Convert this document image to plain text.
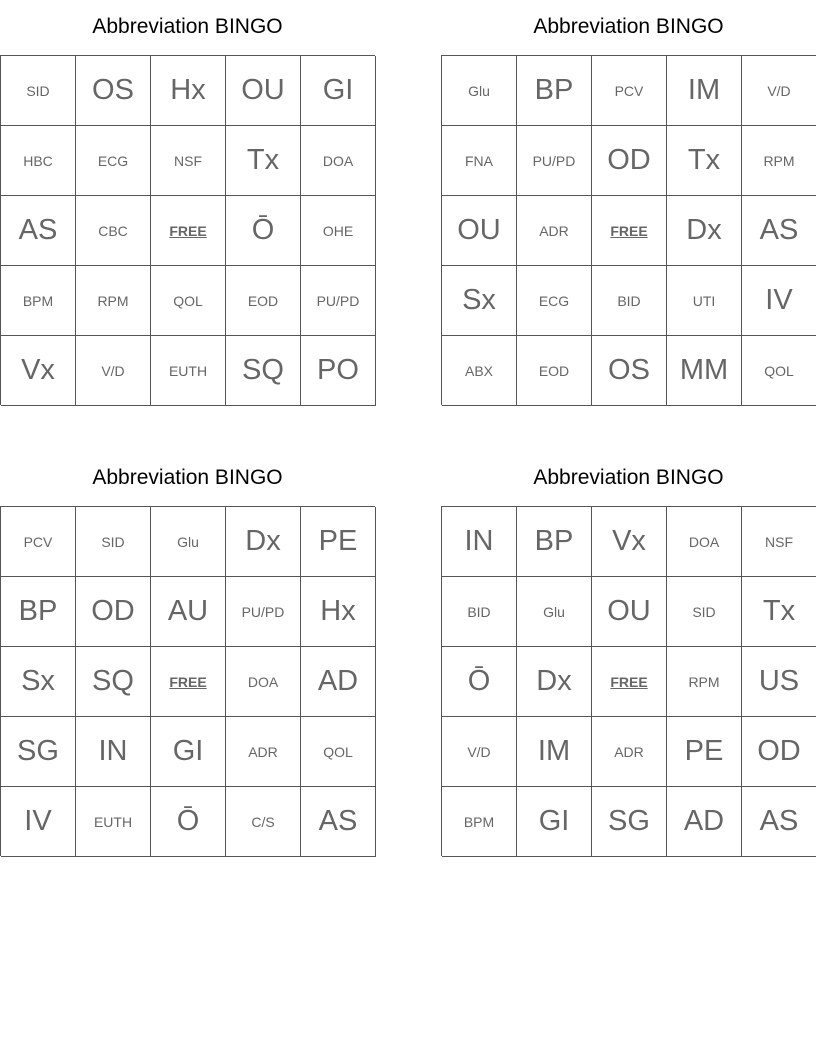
Abbreviation BINGO
SID	OS	Hx	OU	GI
HBC	ECG	NSF	Tx	DOA
AS	CBC	FREE	Ō	OHE
BPM	RPM	QOL	EOD	PU/PD
Vx	V/D	EUTH	SQ	PO
Abbreviation BINGO
Glu	BP	PCV	IM	V/D
FNA	PU/PD	OD	Tx	RPM
OU	ADR	FREE	Dx	AS
Sx	ECG	BID	UTI	IV
ABX	EOD	OS	MM	QOL
Abbreviation BINGO
PCV	SID	Glu	Dx	PE
BP	OD	AU	PU/PD	Hx
Sx	SQ	FREE	DOA	AD
SG	IN	GI	ADR	QOL
IV	EUTH	Ō	C/S	AS
Abbreviation BINGO
IN	BP	Vx	DOA	NSF
BID	Glu	OU	SID	Tx
Ō	Dx	FREE	RPM	US
V/D	IM	ADR	PE	OD
BPM	GI	SG	AD	AS
